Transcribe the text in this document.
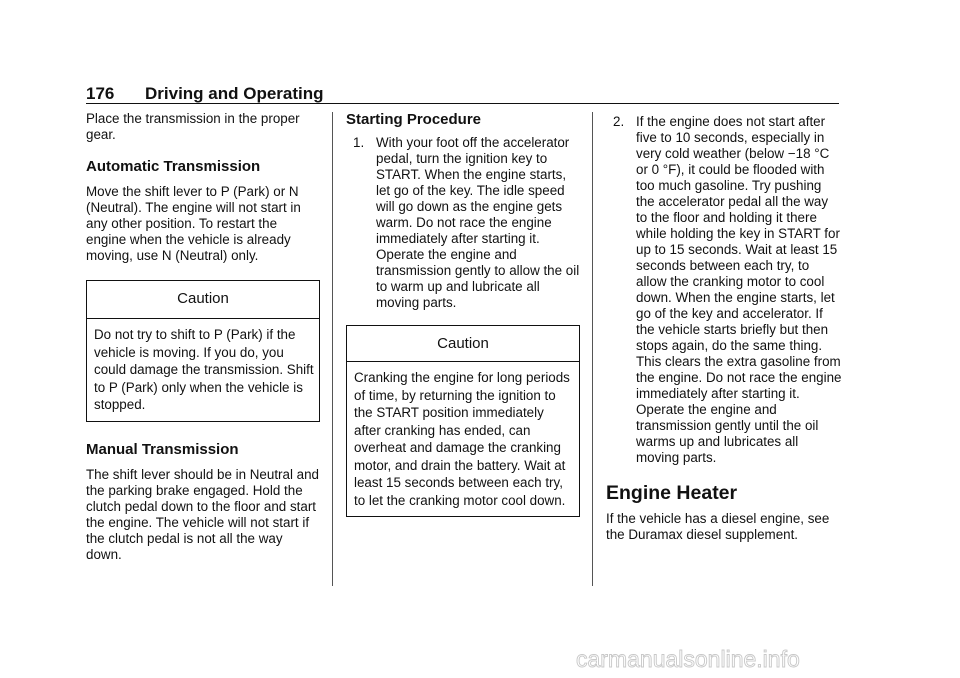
176 Driving and Operating

Place the transmission in the proper gear.

Automatic Transmission

Move the shift lever to P (Park) or N (Neutral). The engine will not start in any other position. To restart the engine when the vehicle is already moving, use N (Neutral) only.

Caution
Do not try to shift to P (Park) if the vehicle is moving. If you do, you could damage the transmission. Shift to P (Park) only when the vehicle is stopped.
Manual Transmission

The shift lever should be in Neutral and the parking brake engaged. Hold the clutch pedal down to the floor and start the engine. The vehicle will not start if the clutch pedal is not all the way down.

Starting Procedure
1. With your foot off the accelerator pedal, turn the ignition key to START. When the engine starts, let go of the key. The idle speed will go down as the engine gets warm. Do not race the engine immediately after starting it. Operate the engine and transmission gently to allow the oil to warm up and lubricate all moving parts.
Caution
Cranking the engine for long periods of time, by returning the ignition to the START position immediately after cranking has ended, can overheat and damage the cranking motor, and drain the battery. Wait at least 15 seconds between each try, to let the cranking motor cool down.
2. If the engine does not start after five to 10 seconds, especially in very cold weather (below −18 °C or 0 °F), it could be flooded with too much gasoline. Try pushing the accelerator pedal all the way to the floor and holding it there while holding the key in START for up to 15 seconds. Wait at least 15 seconds between each try, to allow the cranking motor to cool down. When the engine starts, let go of the key and accelerator. If the vehicle starts briefly but then stops again, do the same thing. This clears the extra gasoline from the engine. Do not race the engine immediately after starting it. Operate the engine and transmission gently until the oil warms up and lubricates all moving parts.
Engine Heater

If the vehicle has a diesel engine, see the Duramax diesel supplement.

carmanualsonline.info
